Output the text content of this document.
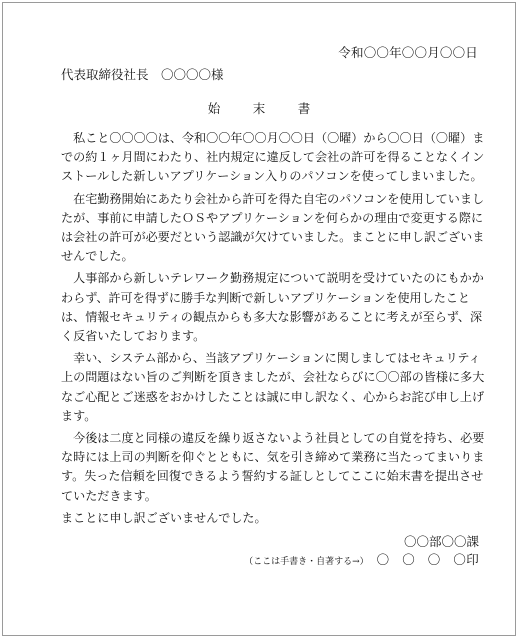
令和〇〇年〇〇月〇〇日
代表取締役社長　〇〇〇〇様
始　末　書

私こと〇〇〇〇は、令和〇〇年〇〇月〇〇日（〇曜）から〇〇日（〇曜）までの約１ヶ月間にわたり、社内規定に違反して会社の許可を得ることなくインストールした新しいアプリケーション入りのパソコンを使ってしまいました。

在宅勤務開始にあたり会社から許可を得た自宅のパソコンを使用していましたが、事前に申請したＯＳやアプリケーションを何らかの理由で変更する際には会社の許可が必要だという認識が欠けていました。まことに申し訳ございませんでした。

人事部から新しいテレワーク勤務規定について説明を受けていたのにもかかわらず、許可を得ずに勝手な判断で新しいアプリケーションを使用したことは、情報セキュリティの観点からも多大な影響があることに考えが至らず、深く反省いたしております。

幸い、システム部から、当該アプリケーションに関しましてはセキュリティ上の問題はない旨のご判断を頂きましたが、会社ならびに〇〇部の皆様に多大なご心配とご迷惑をおかけしたことは誠に申し訳なく、心からお詫び申し上げます。

今後は二度と同様の違反を繰り返さないよう社員としての自覚を持ち、必要な時には上司の判断を仰ぐとともに、気を引き締めて業務に当たってまいります。失った信頼を回復できるよう誓約する証しとしてここに始末書を提出させていただきます。

まことに申し訳ございませんでした。

〇〇部〇〇課
（ここは手書き・自著する→） 〇　〇　〇　〇印
